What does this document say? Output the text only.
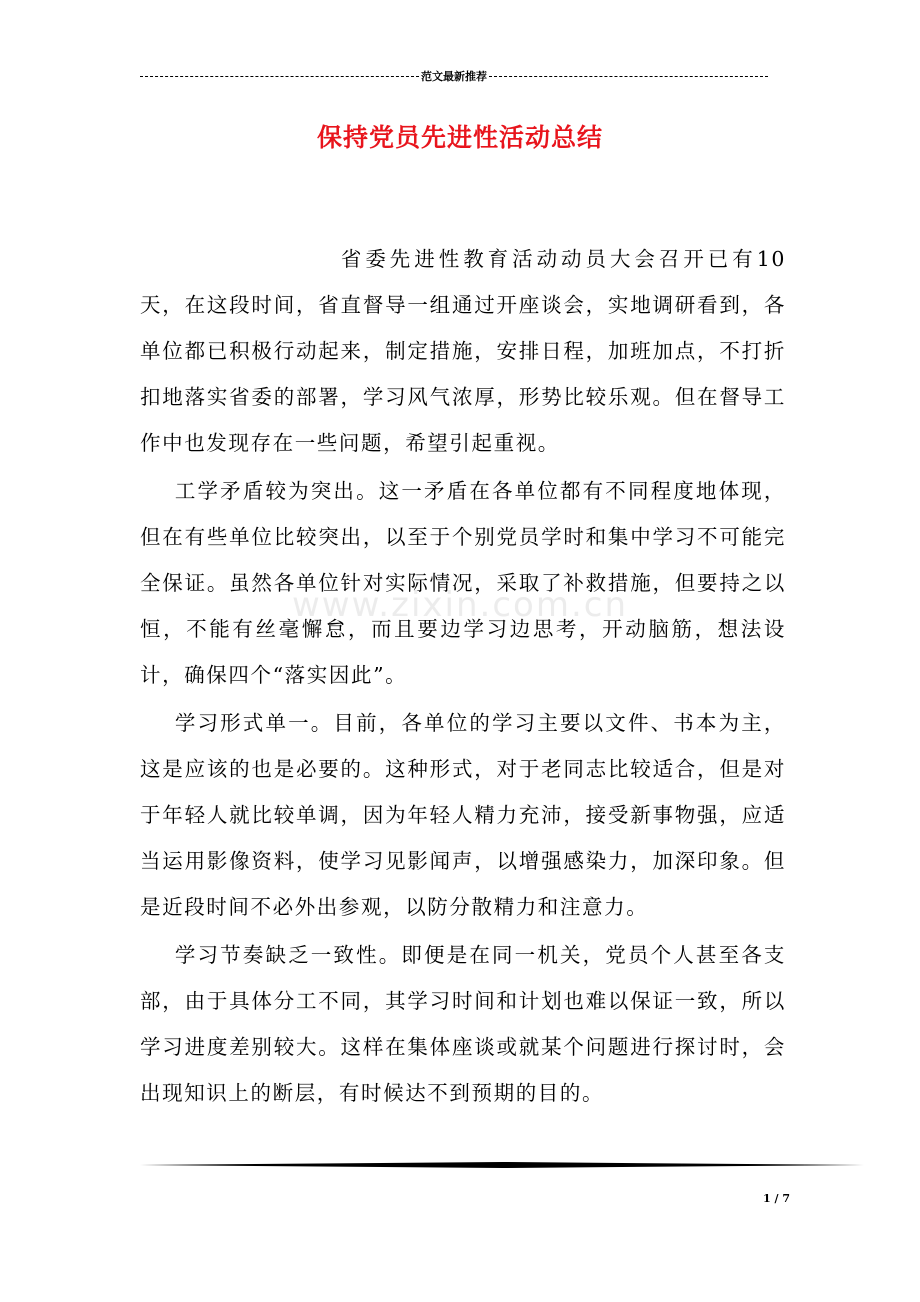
范文最新推荐
保持党员先进性活动总结
www.zixin.com.cn

省委先进性教育活动动员大会召开已有10天，在这段时间，省直督导一组通过开座谈会，实地调研看到，各单位都已积极行动起来，制定措施，安排日程，加班加点，不打折扣地落实省委的部署，学习风气浓厚，形势比较乐观。但在督导工作中也发现存在一些问题，希望引起重视。

工学矛盾较为突出。这一矛盾在各单位都有不同程度地体现，但在有些单位比较突出，以至于个别党员学时和集中学习不可能完全保证。虽然各单位针对实际情况，采取了补救措施，但要持之以恒，不能有丝毫懈怠，而且要边学习边思考，开动脑筋，想法设计，确保四个“落实因此”。

学习形式单一。目前，各单位的学习主要以文件、书本为主，这是应该的也是必要的。这种形式，对于老同志比较适合，但是对于年轻人就比较单调，因为年轻人精力充沛，接受新事物强，应适当运用影像资料，使学习见影闻声，以增强感染力，加深印象。但是近段时间不必外出参观，以防分散精力和注意力。

学习节奏缺乏一致性。即便是在同一机关，党员个人甚至各支部，由于具体分工不同，其学习时间和计划也难以保证一致，所以学习进度差别较大。这样在集体座谈或就某个问题进行探讨时，会出现知识上的断层，有时候达不到预期的目的。

1 / 7
